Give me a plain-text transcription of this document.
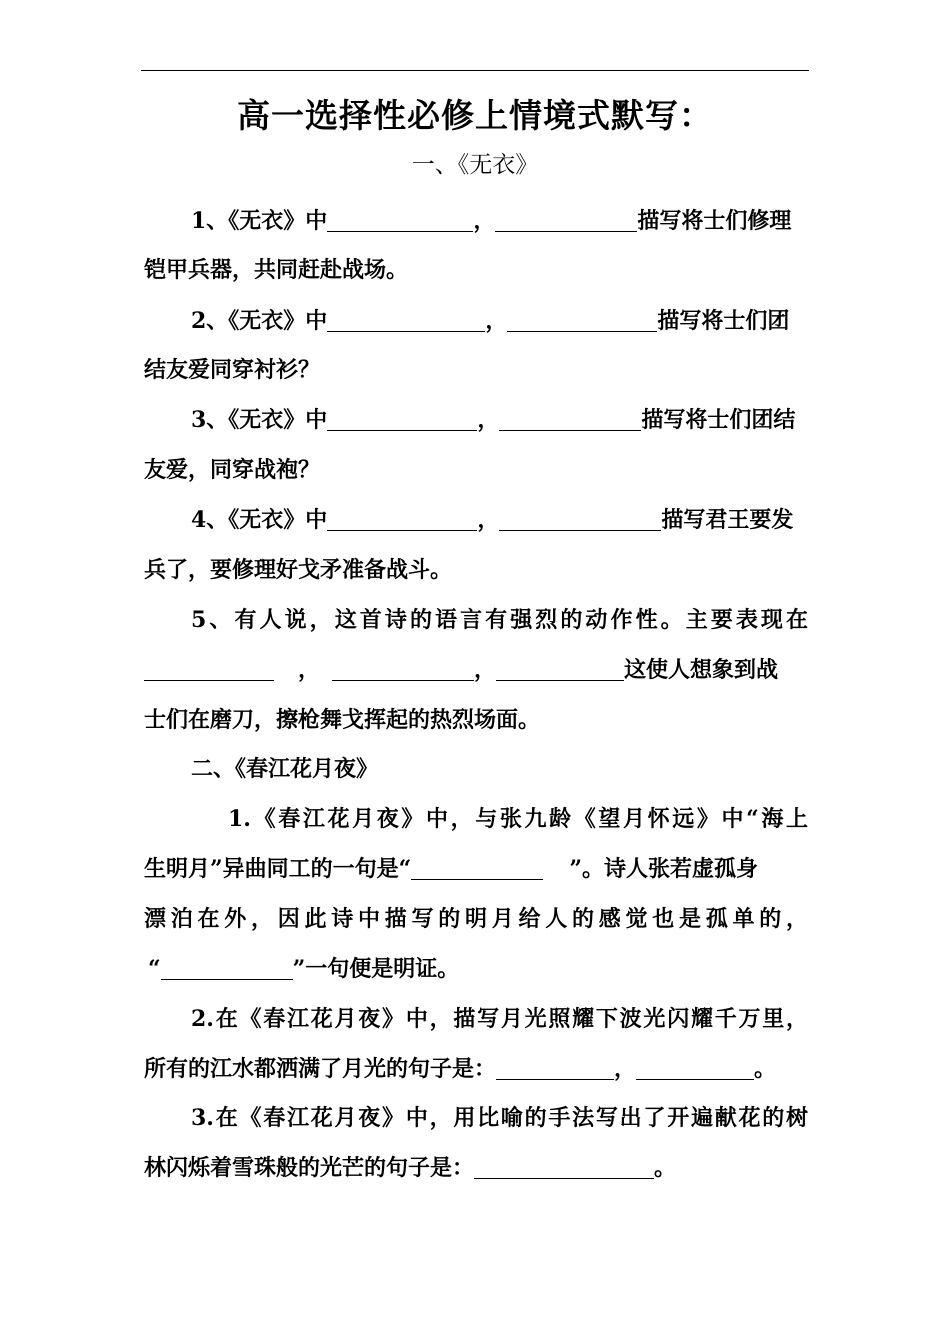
高一选择性必修上情境式默写：
一、《无衣》
1、《无衣》中	，	描写将士们修理
铠甲兵器，共同赶赴战场。
2、《无衣》中	，	描写将士们团
结友爱同穿衬衫？
3、《无衣》中	，	描写将士们团结
友爱，同穿战袍？
4、《无衣》中	，	描写君王要发
兵了，要修理好戈矛准备战斗。
5、有人说，这首诗的语言有强烈的动作性。主要表现在
，	，	这使人想象到战
士们在磨刀，擦枪舞戈挥起的热烈场面。
二、《春江花月夜》
1.《春江花月夜》中，与张九龄《望月怀远》中“海上
生明月”异曲同工的一句是“	”。诗人张若虚孤身
漂泊在外，因此诗中描写的明月给人的感觉也是孤单的，
“	”一句便是明证。
2.在《春江花月夜》中，描写月光照耀下波光闪耀千万里，
所有的江水都洒满了月光的句子是：	，	。
3.在《春江花月夜》中，用比喻的手法写出了开遍献花的树
林闪烁着雪珠般的光芒的句子是：	。
